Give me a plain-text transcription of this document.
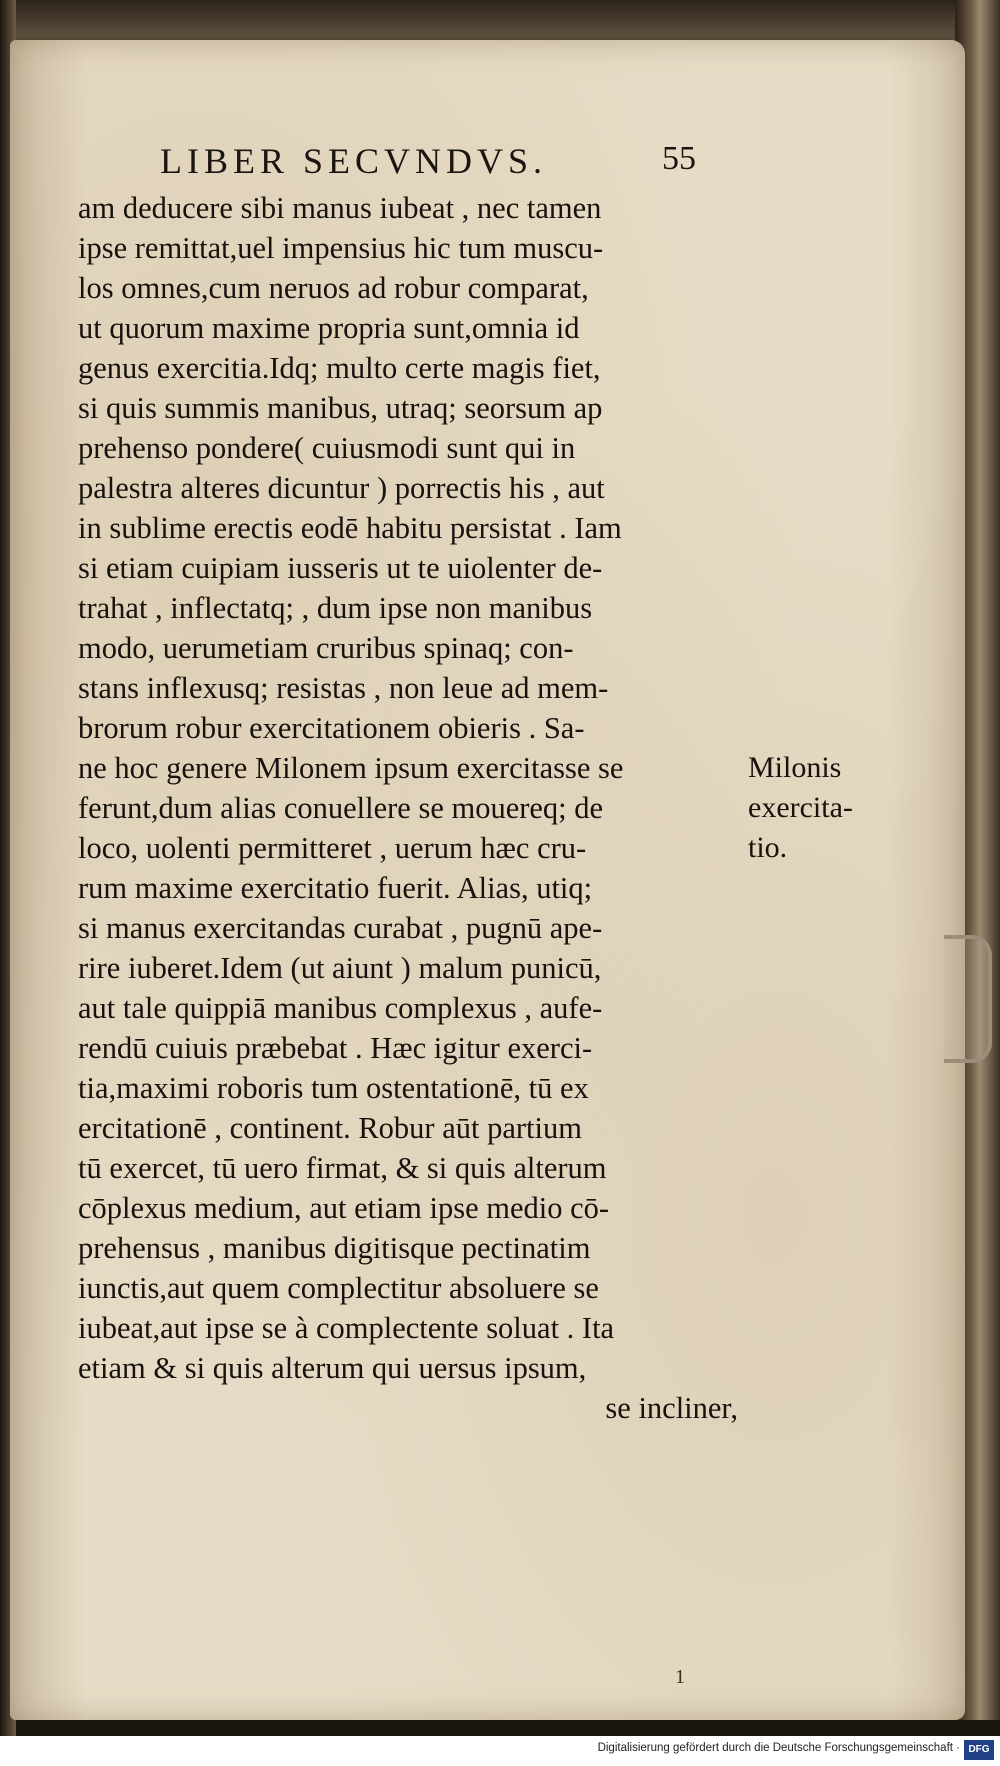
LIBER SECVNDVS.	55
am deducere sibi manus iubeat , nec tamen
ipse remittat,uel impensius hic tum muscu-
los omnes,cum neruos ad robur comparat,
ut quorum maxime propria sunt,omnia id
genus exercitia.Idq; multo certe magis fiet,
si quis summis manibus, utraq; seorsum ap
prehenso pondere( cuiusmodi sunt qui in
palestra alteres dicuntur ) porrectis his , aut
in sublime erectis eodē habitu persistat . Iam
si etiam cuipiam iusseris ut te uiolenter de-
trahat , inflectatq; , dum ipse non manibus
modo, uerumetiam cruribus spinaq; con-
stans inflexusq; resistas , non leue ad mem-
brorum robur exercitationem obieris . Sa-
ne hoc genere Milonem ipsum exercitasse se
ferunt,dum alias conuellere se mouereq; de
loco, uolenti permitteret , uerum hæc cru-
rum maxime exercitatio fuerit. Alias, utiq;
si manus exercitandas curabat , pugnū ape-
rire iuberet.Idem (ut aiunt ) malum punicū,
aut tale quippiā manibus complexus , aufe-
rendū cuiuis præbebat . Hæc igitur exerci-
tia,maximi roboris tum ostentationē, tū ex
ercitationē , continent. Robur aūt partium
tū exercet, tū uero firmat, & si quis alterum
cōplexus medium, aut etiam ipse medio cō-
prehensus , manibus digitisque pectinatim
iunctis,aut quem complectitur absoluere se
iubeat,aut ipse se à complectente soluat . Ita
etiam & si quis alterum qui uersus ipsum,
se incliner,
Milonis
exercita-
tio.
1
Digitalisierung gefördert durch die Deutsche Forschungsgemeinschaft · DFG
